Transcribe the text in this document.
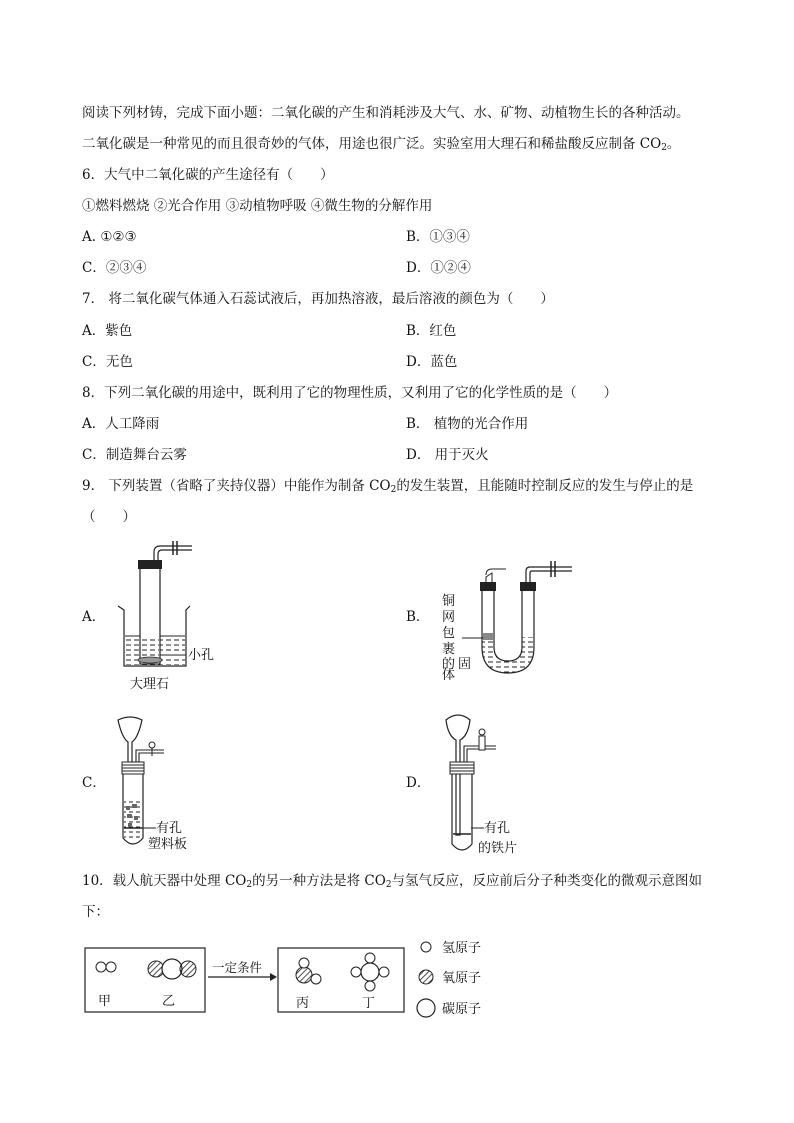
阅读下列材铸，完成下面小题：二氧化碳的产生和消耗涉及大气、水、矿物、动植物生长的各种活动。
二氧化碳是一种常见的而且很奇妙的气体，用途也很广泛。实验室用大理石和稀盐酸反应制备 $CO_2$。
6．大气中二氧化碳的产生途径有（　　）
①燃料燃烧 ②光合作用 ③动植物呼吸 ④微生物的分解作用
A. ①②③	B．①③④
C．②③④	D．①②④
7． 将二氧化碳气体通入石蕊试液后，再加热溶液，最后溶液的颜色为（　　）
A．紫色	B．红色
C．无色	D．蓝色
8．下列二氧化碳的用途中，既利用了它的物理性质，又利用了它的化学性质的是（　　）
A．人工降雨	B． 植物的光合作用
C．制造舞台云雾	D． 用于灭火
9． 下列装置（省略了夹持仪器）中能作为制备 $CO_2$的发生装置，且能随时控制反应的发生与停止的是
（　　）
A．	B．
C．	D．
小孔
大理石
铜
网
包
裹
的 固
体
有孔
塑料板
有孔
的铁片
10．载人航天器中处理 $CO_2$的另一种方法是将 $CO_2$与氢气反应，反应前后分子种类变化的微观示意图如
下：
甲	乙
一定条件
丙	丁
氢原子
氧原子
碳原子
